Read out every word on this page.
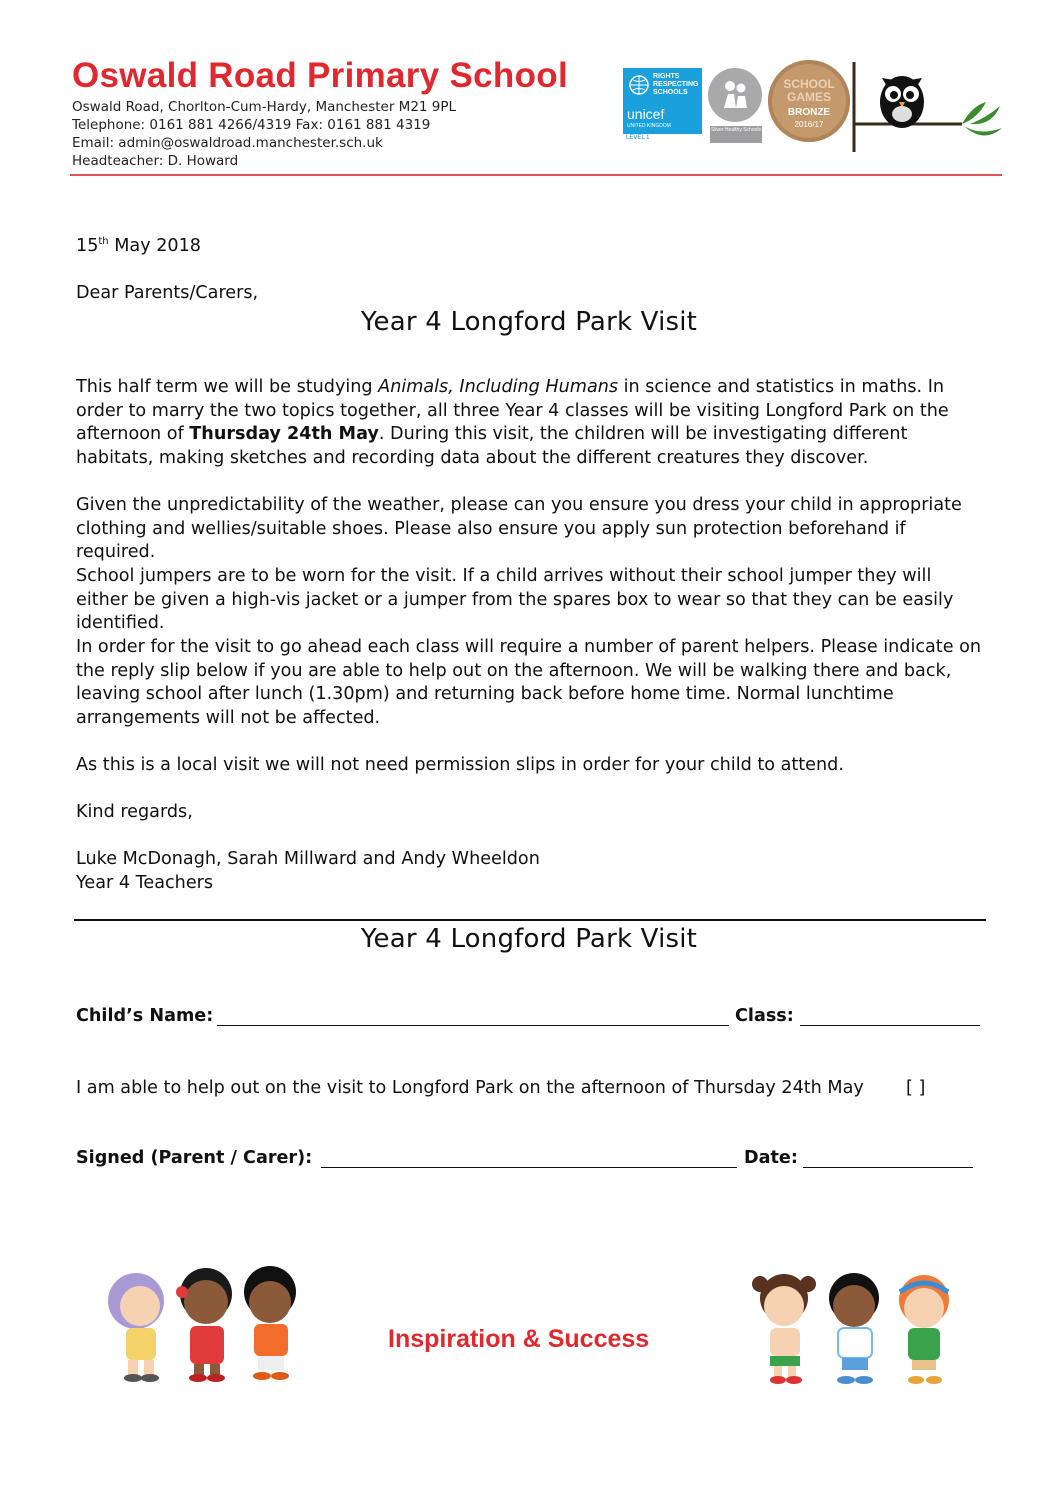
Oswald Road Primary School
Oswald Road, Chorlton-Cum-Hardy, Manchester M21 9PL
Telephone: 0161 881 4266/4319 Fax: 0161 881 4319
Email: admin@oswaldroad.manchester.sch.uk
Headteacher: D. Howard
RIGHTS RESPECTING SCHOOLS
unicef
UNITED KINGDOM
LEVEL 1
Silver Healthy Schools
SCHOOL GAMES
BRONZE
2016/17
15th May 2018
Dear Parents/Carers,
Year 4 Longford Park Visit
This half term we will be studying Animals, Including Humans in science and statistics in maths. In order to marry the two topics together, all three Year 4 classes will be visiting Longford Park on the afternoon of Thursday 24th May. During this visit, the children will be investigating different habitats, making sketches and recording data about the different creatures they discover.
Given the unpredictability of the weather, please can you ensure you dress your child in appropriate clothing and wellies/suitable shoes. Please also ensure you apply sun protection beforehand if required.
School jumpers are to be worn for the visit. If a child arrives without their school jumper they will either be given a high-vis jacket or a jumper from the spares box to wear so that they can be easily identified.
In order for the visit to go ahead each class will require a number of parent helpers. Please indicate on the reply slip below if you are able to help out on the afternoon. We will be walking there and back, leaving school after lunch (1.30pm) and returning back before home time. Normal lunchtime arrangements will not be affected.
As this is a local visit we will not need permission slips in order for your child to attend.
Kind regards,
Luke McDonagh, Sarah Millward and Andy Wheeldon
Year 4 Teachers
Year 4 Longford Park Visit
Child’s Name:	Class:
I am able to help out on the visit to Longford Park on the afternoon of Thursday 24th May	[ ]
Signed (Parent / Carer):	Date:
Inspiration & Success
